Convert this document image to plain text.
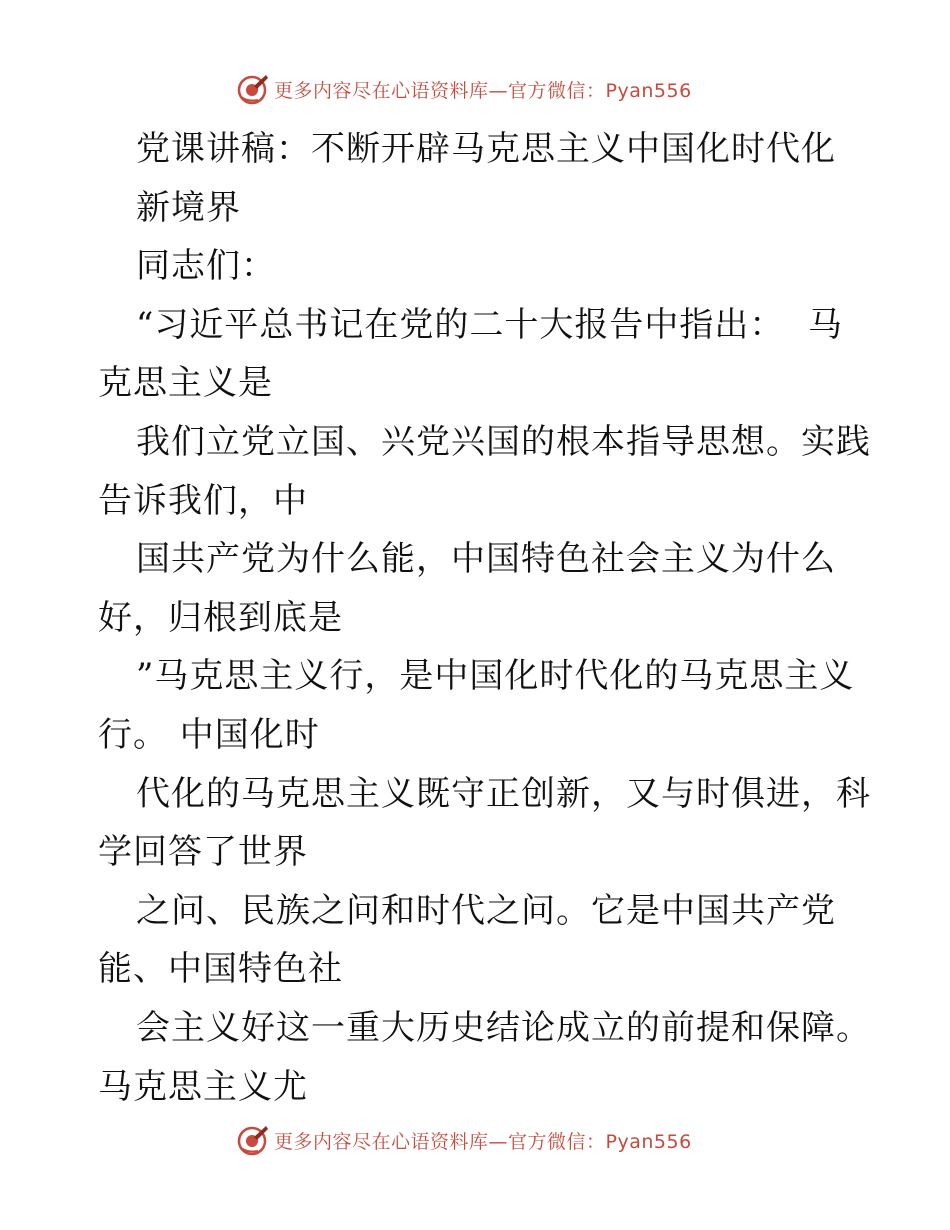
更多内容尽在心语资料库—官方微信：Pyan556
党课讲稿：不断开辟马克思主义中国化时代化
新境界
同志们：
“习近平总书记在党的二十大报告中指出：  马
克思主义是
我们立党立国、兴党兴国的根本指导思想。实践
告诉我们，中
国共产党为什么能，中国特色社会主义为什么
好，归根到底是
”马克思主义行，是中国化时代化的马克思主义
行。 中国化时
代化的马克思主义既守正创新，又与时俱进，科
学回答了世界
之问、民族之问和时代之问。它是中国共产党
能、中国特色社
会主义好这一重大历史结论成立的前提和保障。
马克思主义尤
更多内容尽在心语资料库—官方微信：Pyan556
